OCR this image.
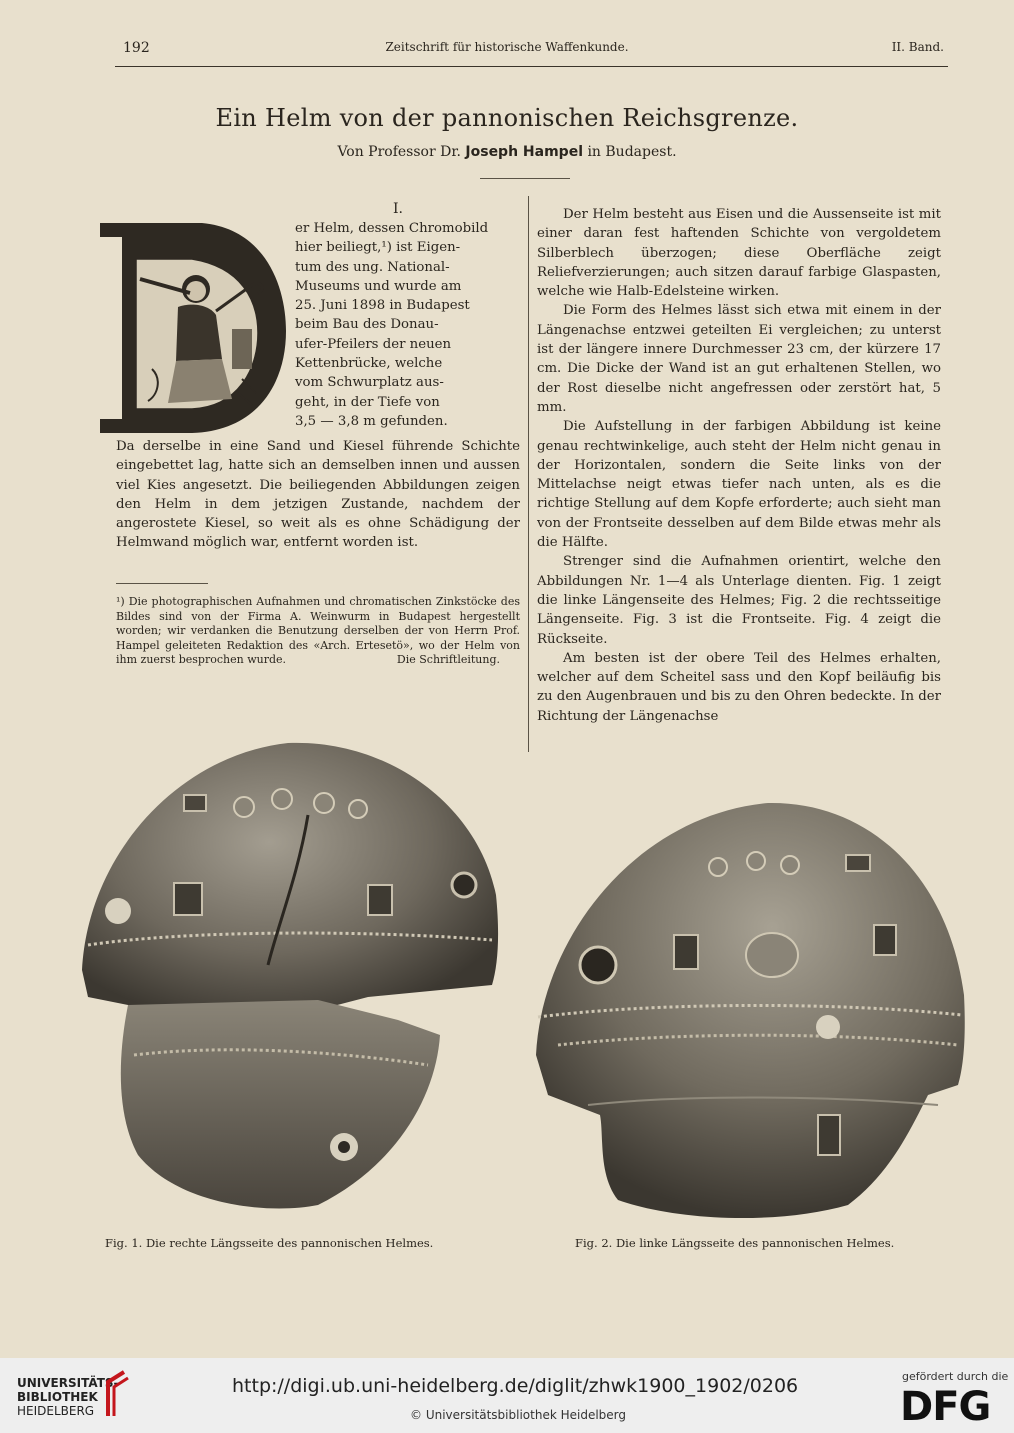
192	Zeitschrift für historische Waffenkunde.	II. Band.
Ein Helm von der pannonischen Reichsgrenze.
Von Professor Dr. Joseph Hampel in Budapest.
I.

er Helm, dessen Chromobild

hier beiliegt,¹) ist Eigen-

tum des ung. National-

Museums und wurde am

25. Juni 1898 in Budapest

beim Bau des Donau-

ufer-Pfeilers der neuen

Kettenbrücke, welche

vom Schwurplatz aus-

geht, in der Tiefe von

3,5 — 3,8 m gefunden.

Da derselbe in eine Sand und Kiesel führende Schichte eingebettet lag, hatte sich an demselben innen und aussen viel Kies angesetzt. Die beiliegenden Abbildungen zeigen den Helm in dem jetzigen Zustande, nachdem der angerostete Kiesel, so weit als es ohne Schädigung der Helmwand möglich war, entfernt worden ist.

¹) Die photographischen Aufnahmen und chromatischen Zinkstöcke des Bildes sind von der Firma A. Weinwurm in Budapest hergestellt worden; wir verdanken die Benutzung derselben der von Herrn Prof. Hampel geleiteten Redaktion des «Arch. Ertesetö», wo der Helm von ihm zuerst besprochen wurde.	Die Schriftleitung.

Der Helm besteht aus Eisen und die Aussenseite ist mit einer daran fest haftenden Schichte von vergoldetem Silberblech überzogen; diese Oberfläche zeigt Reliefverzierungen; auch sitzen darauf farbige Glaspasten, welche wie Halb-Edelsteine wirken.

Die Form des Helmes lässt sich etwa mit einem in der Längenachse entzwei geteilten Ei vergleichen; zu unterst ist der längere innere Durchmesser 23 cm, der kürzere 17 cm. Die Dicke der Wand ist an gut erhaltenen Stellen, wo der Rost dieselbe nicht angefressen oder zerstört hat, 5 mm.

Die Aufstellung in der farbigen Abbildung ist keine genau rechtwinkelige, auch steht der Helm nicht genau in der Horizontalen, sondern die Seite links von der Mittelachse neigt etwas tiefer nach unten, als es die richtige Stellung auf dem Kopfe erforderte; auch sieht man von der Frontseite desselben auf dem Bilde etwas mehr als die Hälfte.

Strenger sind die Aufnahmen orientirt, welche den Abbildungen Nr. 1—4 als Unterlage dienten. Fig. 1 zeigt die linke Längenseite des Helmes; Fig. 2 die rechtsseitige Längenseite. Fig. 3 ist die Frontseite. Fig. 4 zeigt die Rückseite.

Am besten ist der obere Teil des Helmes erhalten, welcher auf dem Scheitel sass und den Kopf beiläufig bis zu den Augenbrauen und bis zu den Ohren bedeckte. In der Richtung der Längenachse

Fig. 1. Die rechte Längsseite des pannonischen Helmes.	Fig. 2. Die linke Längsseite des pannonischen Helmes.
UNIVERSITÄTS-
BIBLIOTHEK
HEIDELBERG
http://digi.ub.uni-heidelberg.de/diglit/zhwk1900_1902/0206
© Universitätsbibliothek Heidelberg
gefördert durch die
DFG
